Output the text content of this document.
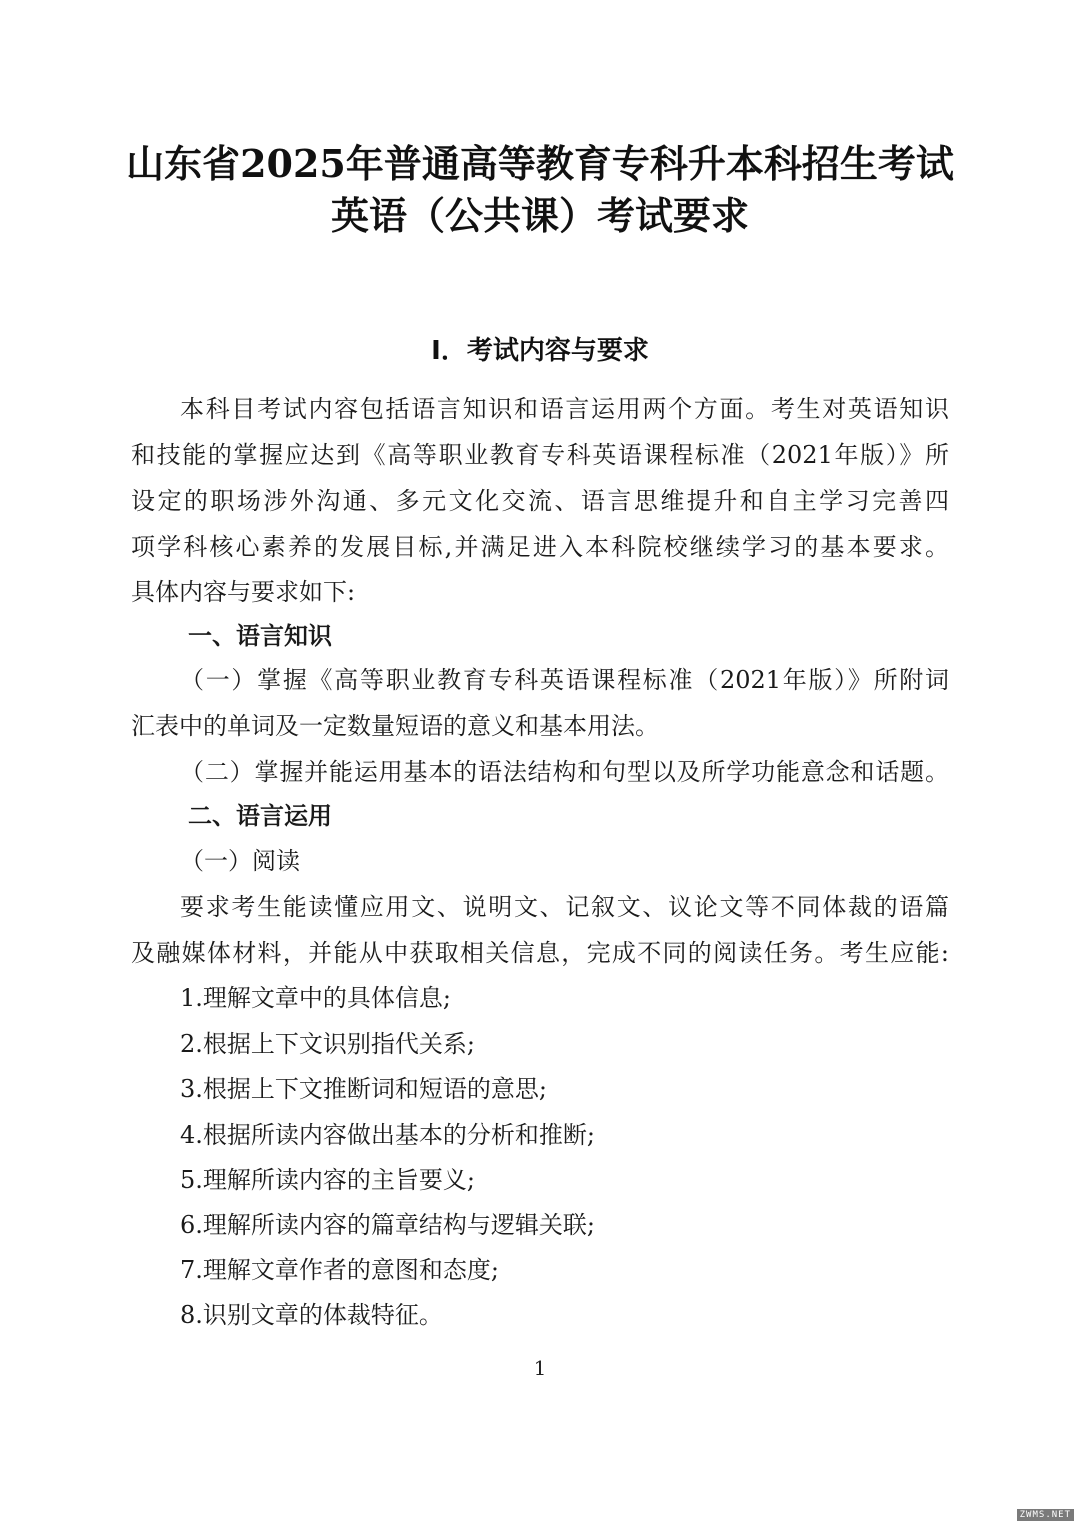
山东省2025年普通高等教育专科升本科招生考试
英语（公共课）考试要求
I．考试内容与要求
本科目考试内容包括语言知识和语言运用两个方面。考生对英语知识
和技能的掌握应达到《高等职业教育专科英语课程标准（2021年版）》所
设定的职场涉外沟通、多元文化交流、语言思维提升和自主学习完善四
项学科核心素养的发展目标,并满足进入本科院校继续学习的基本要求。
具体内容与要求如下:
一、语言知识
（一）掌握《高等职业教育专科英语课程标准（2021年版）》所附词
汇表中的单词及一定数量短语的意义和基本用法。
（二）掌握并能运用基本的语法结构和句型以及所学功能意念和话题。
二、语言运用
（一）阅读
要求考生能读懂应用文、说明文、记叙文、议论文等不同体裁的语篇
及融媒体材料，并能从中获取相关信息，完成不同的阅读任务。考生应能:
1.理解文章中的具体信息;
2.根据上下文识别指代关系;
3.根据上下文推断词和短语的意思;
4.根据所读内容做出基本的分析和推断;
5.理解所读内容的主旨要义;
6.理解所读内容的篇章结构与逻辑关联;
7.理解文章作者的意图和态度;
8.识别文章的体裁特征。
1
ZWMS.NET
